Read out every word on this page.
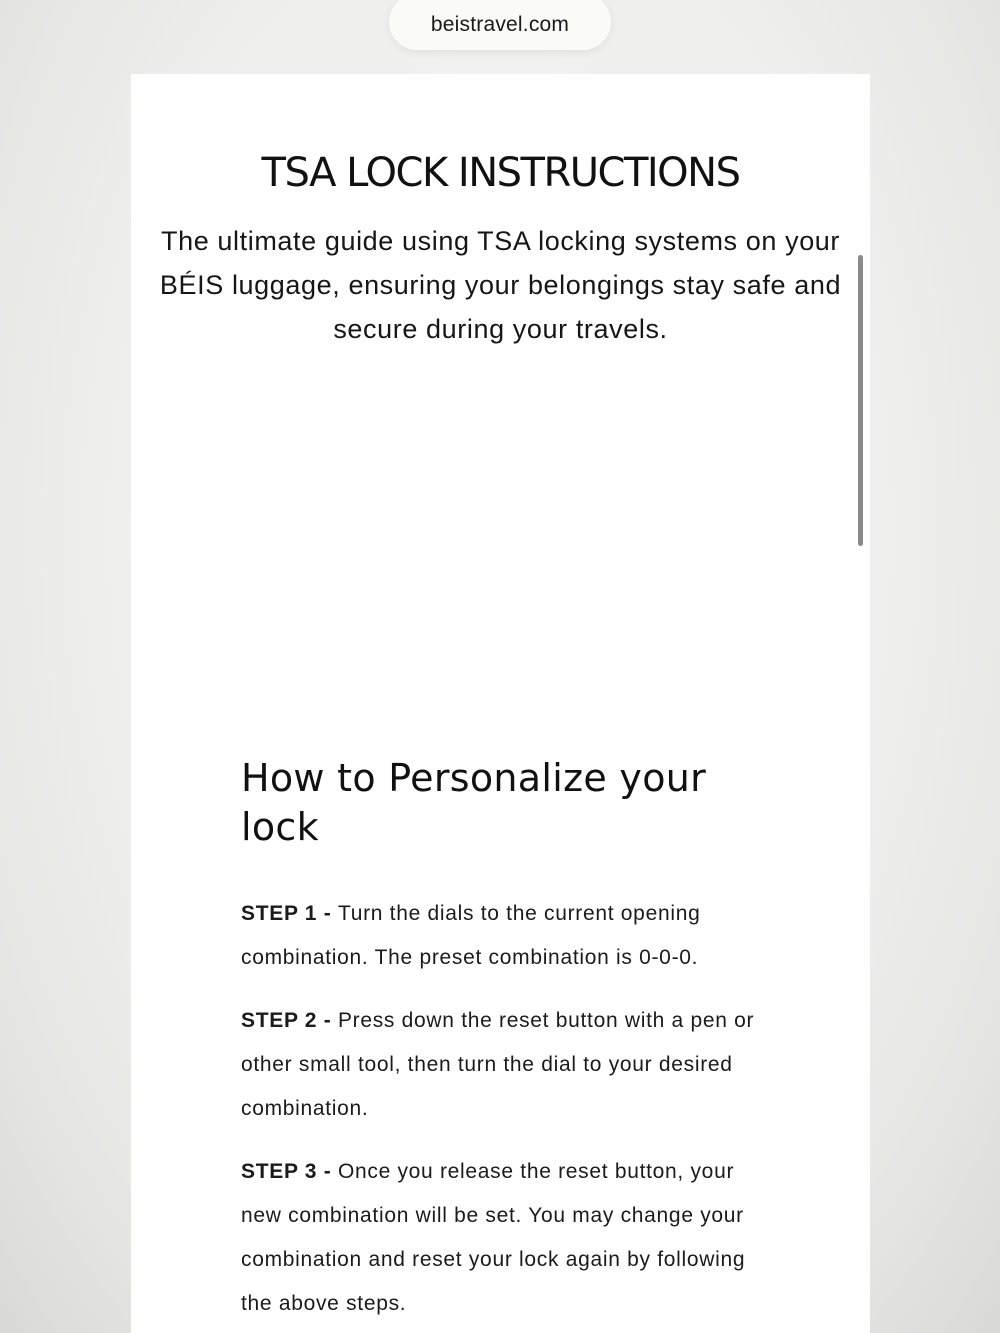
beistravel.com
TSA LOCK INSTRUCTIONS

The ultimate guide using TSA locking systems on your BÉIS luggage, ensuring your belongings stay safe and secure during your travels.

How to Personalize your lock

STEP 1 - Turn the dials to the current opening combination. The preset combination is 0-0-0.

STEP 2 - Press down the reset button with a pen or other small tool, then turn the dial to your desired combination.

STEP 3 - Once you release the reset button, your new combination will be set. You may change your combination and reset your lock again by following the above steps.
